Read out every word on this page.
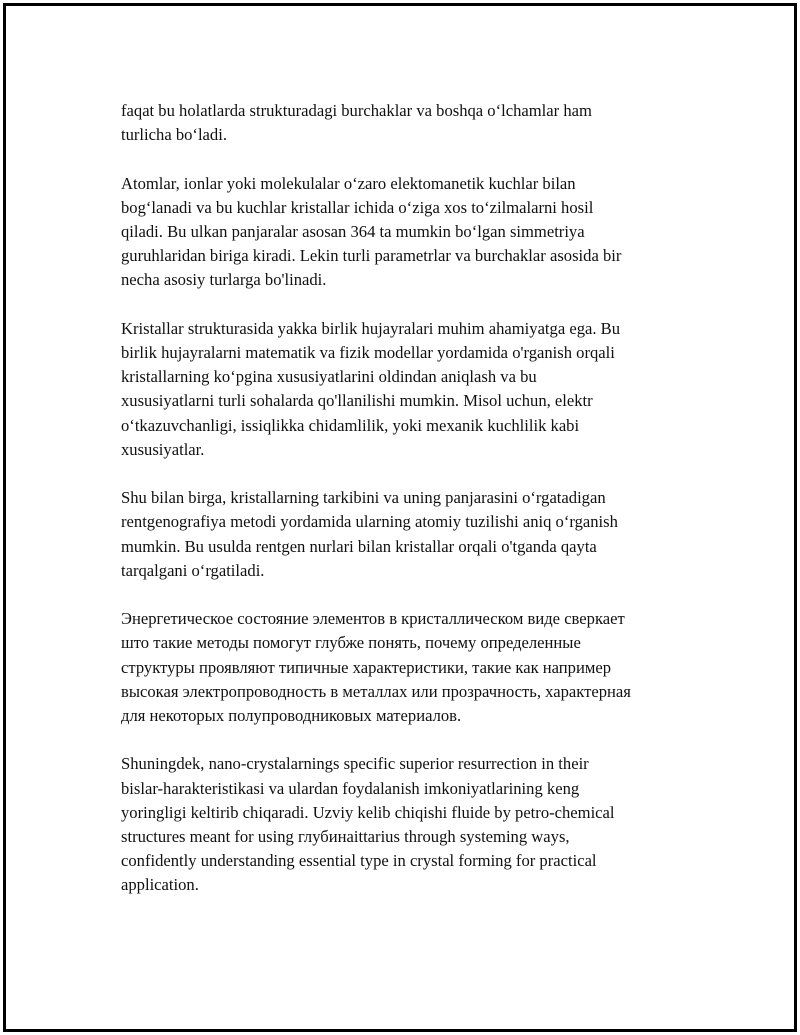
faqat bu holatlarda strukturadagi burchaklar va boshqa o‘lchamlar ham
turlicha bo‘ladi.

Atomlar, ionlar yoki molekulalar o‘zaro elektomanetik kuchlar bilan
bog‘lanadi va bu kuchlar kristallar ichida o‘ziga xos to‘zilmalarni hosil
qiladi. Bu ulkan panjaralar asosan 364 ta mumkin bo‘lgan simmetriya
guruhlaridan biriga kiradi. Lekin turli parametrlar va burchaklar asosida bir
necha asosiy turlarga bo'linadi.

Kristallar strukturasida yakka birlik hujayralari muhim ahamiyatga ega. Bu
birlik hujayralarni matematik va fizik modellar yordamida o'rganish orqali
kristallarning ko‘pgina xususiyatlarini oldindan aniqlash va bu
xususiyatlarni turli sohalarda qo'llanilishi mumkin. Misol uchun, elektr
o‘tkazuvchanligi, issiqlikka chidamlilik, yoki mexanik kuchlilik kabi
xususiyatlar.

Shu bilan birga, kristallarning tarkibini va uning panjarasini o‘rgatadigan
rentgenografiya metodi yordamida ularning atomiy tuzilishi aniq o‘rganish
mumkin. Bu usulda rentgen nurlari bilan kristallar orqali o'tganda qayta
tarqalgani o‘rgatiladi.

Энергетическое состояние элементов в кристаллическом виде сверкает
што такие методы помогут глубже понять, почему определенные
структуры проявляют типичные характеристики, такие как например
высокая электропроводность в металлах или прозрачность, характерная
для некоторых полупроводниковых материалов.

Shuningdek, nano-crystalarnings specific superior resurrection in their
bislar-harakteristikasi va ulardan foydalanish imkoniyatlarining keng
yoringligi keltirib chiqaradi. Uzviy kelib chiqishi fluide by petro-chemical
structures meant for using глубинаittarius through systeming ways,
confidently understanding essential type in crystal forming for practical
application.
